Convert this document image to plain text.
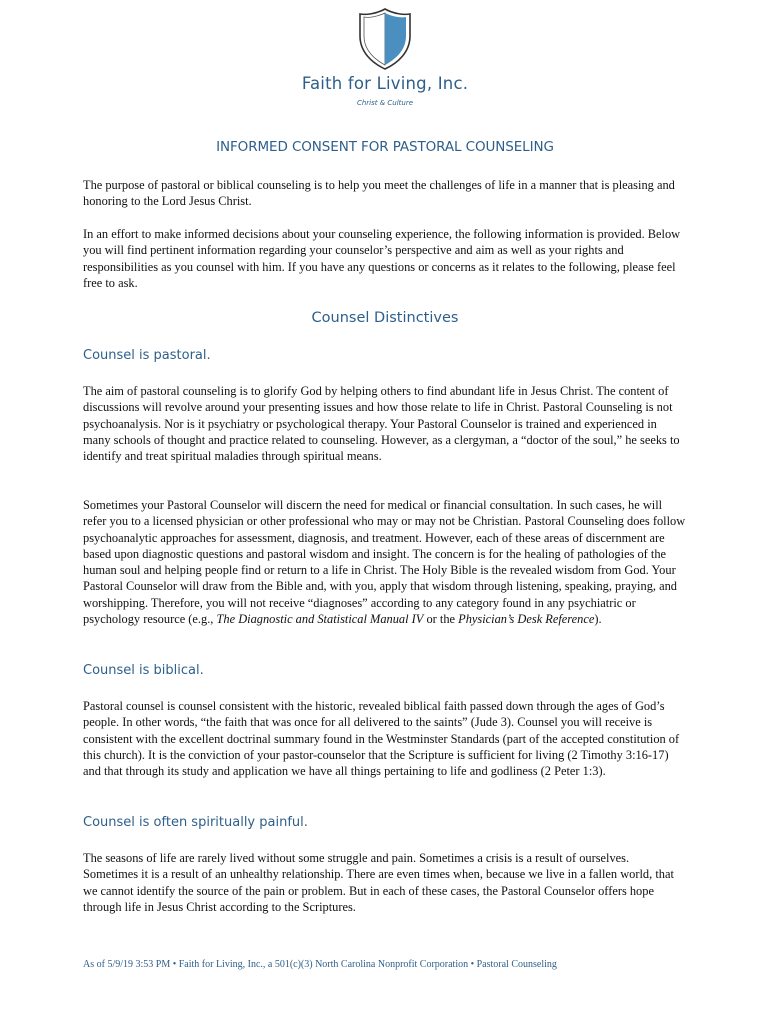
Faith for Living, Inc.
Christ & Culture
INFORMED CONSENT FOR PASTORAL COUNSELING

The purpose of pastoral or biblical counseling is to help you meet the challenges of life in a manner that is pleasing and honoring to the Lord Jesus Christ.

In an effort to make informed decisions about your counseling experience, the following information is provided. Below you will find pertinent information regarding your counselor’s perspective and aim as well as your rights and responsibilities as you counsel with him. If you have any questions or concerns as it relates to the following, please feel free to ask.

Counsel Distinctives
Counsel is pastoral.

The aim of pastoral counseling is to glorify God by helping others to find abundant life in Jesus Christ. The content of discussions will revolve around your presenting issues and how those relate to life in Christ. Pastoral Counseling is not psychoanalysis. Nor is it psychiatry or psychological therapy. Your Pastoral Counselor is trained and experienced in many schools of thought and practice related to counseling. However, as a clergyman, a “doctor of the soul,” he seeks to identify and treat spiritual maladies through spiritual means.

Sometimes your Pastoral Counselor will discern the need for medical or financial consultation. In such cases, he will refer you to a licensed physician or other professional who may or may not be Christian. Pastoral Counseling does follow psychoanalytic approaches for assessment, diagnosis, and treatment. However, each of these areas of discernment are based upon diagnostic questions and pastoral wisdom and insight. The concern is for the healing of pathologies of the human soul and helping people find or return to a life in Christ. The Holy Bible is the revealed wisdom from God. Your Pastoral Counselor will draw from the Bible and, with you, apply that wisdom through listening, speaking, praying, and worshipping. Therefore, you will not receive “diagnoses” according to any category found in any psychiatric or psychology resource (e.g., The Diagnostic and Statistical Manual IV or the Physician’s Desk Reference).

Counsel is biblical.

Pastoral counsel is counsel consistent with the historic, revealed biblical faith passed down through the ages of God’s people. In other words, “the faith that was once for all delivered to the saints” (Jude 3). Counsel you will receive is consistent with the excellent doctrinal summary found in the Westminster Standards (part of the accepted constitution of this church). It is the conviction of your pastor-counselor that the Scripture is sufficient for living (2 Timothy 3:16-17) and that through its study and application we have all things pertaining to life and godliness (2 Peter 1:3).

Counsel is often spiritually painful.

The seasons of life are rarely lived without some struggle and pain. Sometimes a crisis is a result of ourselves. Sometimes it is a result of an unhealthy relationship. There are even times when, because we live in a fallen world, that we cannot identify the source of the pain or problem. But in each of these cases, the Pastoral Counselor offers hope through life in Jesus Christ according to the Scriptures.

As of 5/9/19 3:53 PM • Faith for Living, Inc., a 501(c)(3) North Carolina Nonprofit Corporation • Pastoral Counseling
